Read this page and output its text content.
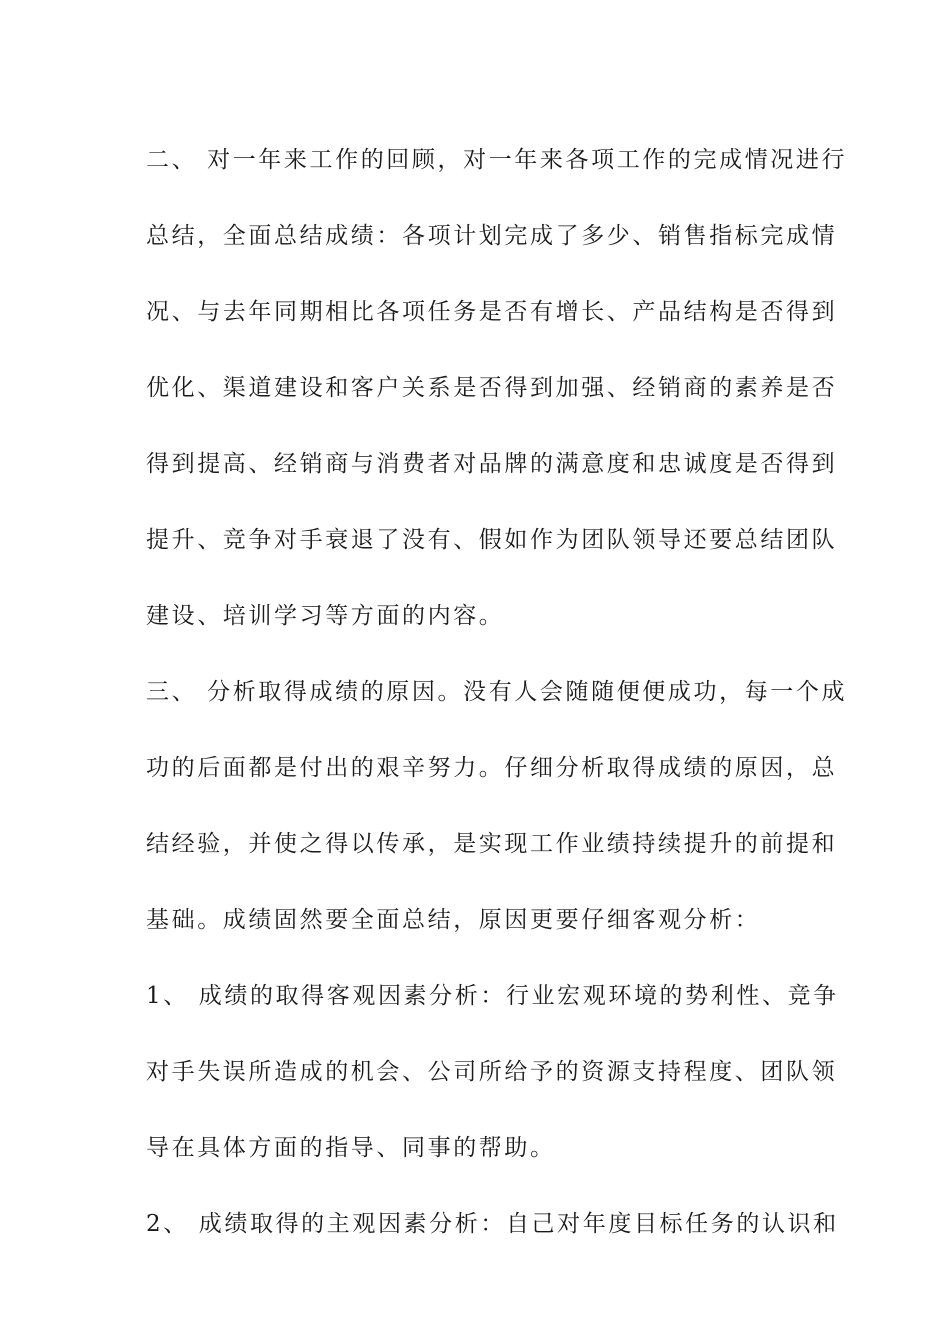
二、 对一年来工作的回顾，对一年来各项工作的完成情况进行
总结，全面总结成绩：各项计划完成了多少、销售指标完成情
况、与去年同期相比各项任务是否有增长、产品结构是否得到
优化、渠道建设和客户关系是否得到加强、经销商的素养是否
得到提高、经销商与消费者对品牌的满意度和忠诚度是否得到
提升、竞争对手衰退了没有、假如作为团队领导还要总结团队
建设、培训学习等方面的内容。
三、 分析取得成绩的原因。没有人会随随便便成功，每一个成
功的后面都是付出的艰辛努力。仔细分析取得成绩的原因，总
结经验，并使之得以传承，是实现工作业绩持续提升的前提和
基础。成绩固然要全面总结，原因更要仔细客观分析：
1、 成绩的取得客观因素分析：行业宏观环境的势利性、竞争
对手失误所造成的机会、公司所给予的资源支持程度、团队领
导在具体方面的指导、同事的帮助。
2、 成绩取得的主观因素分析：自己对年度目标任务的认识和
